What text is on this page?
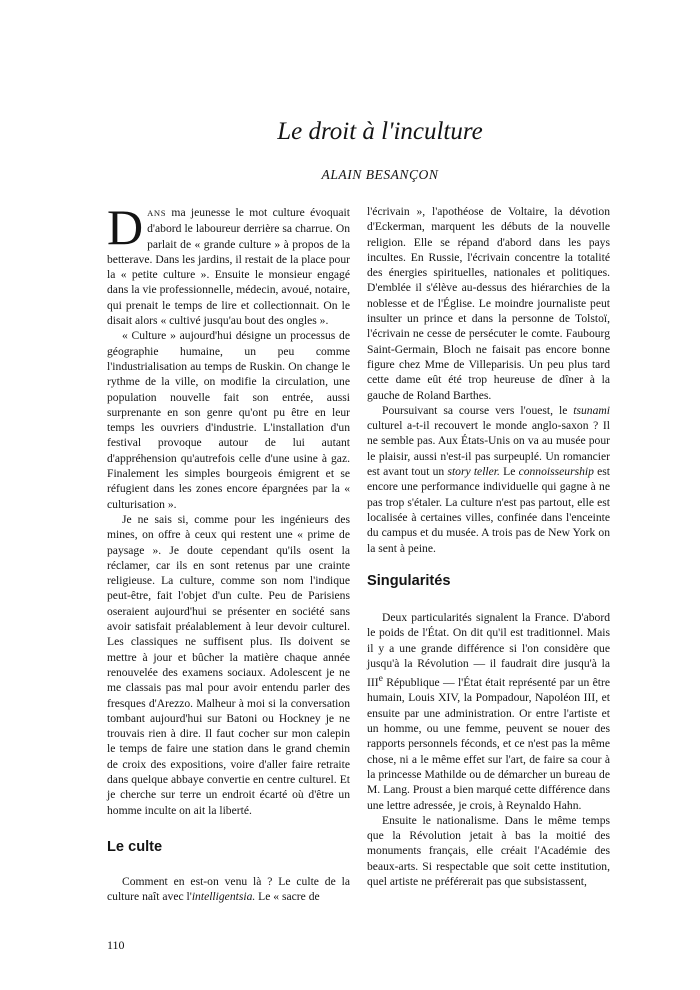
Le droit à l'inculture
ALAIN BESANÇON

DANS ma jeunesse le mot culture évoquait d'abord le laboureur derrière sa charrue. On parlait de « grande culture » à propos de la betterave. Dans les jardins, il restait de la place pour la « petite culture ». Ensuite le monsieur engagé dans la vie professionnelle, médecin, avoué, notaire, qui prenait le temps de lire et collectionnait. On le disait alors « cultivé jusqu'au bout des ongles ».

« Culture » aujourd'hui désigne un processus de géographie humaine, un peu comme l'industrialisation au temps de Ruskin. On change le rythme de la ville, on modifie la circulation, une population nouvelle fait son entrée, aussi surprenante en son genre qu'ont pu être en leur temps les ouvriers d'industrie. L'installation d'un festival provoque autour de lui autant d'appréhension qu'autrefois celle d'une usine à gaz. Finalement les simples bourgeois émigrent et se réfugient dans les zones encore épargnées par la « culturisation ».

Je ne sais si, comme pour les ingénieurs des mines, on offre à ceux qui restent une « prime de paysage ». Je doute cependant qu'ils osent la réclamer, car ils en sont retenus par une crainte religieuse. La culture, comme son nom l'indique peut-être, fait l'objet d'un culte. Peu de Parisiens oseraient aujourd'hui se présenter en société sans avoir satisfait préalablement à leur devoir culturel. Les classiques ne suffisent plus. Ils doivent se mettre à jour et bûcher la matière chaque année renouvelée des examens sociaux. Adolescent je ne me classais pas mal pour avoir entendu parler des fresques d'Arezzo. Malheur à moi si la conversation tombant aujourd'hui sur Batoni ou Hockney je ne trouvais rien à dire. Il faut cocher sur mon calepin le temps de faire une station dans le grand chemin de croix des expositions, voire d'aller faire retraite dans quelque abbaye convertie en centre culturel. Et je cherche sur terre un endroit écarté où d'être un homme inculte on ait la liberté.

Le culte

Comment en est-on venu là ? Le culte de la culture naît avec l'intelligentsia. Le « sacre de

l'écrivain », l'apothéose de Voltaire, la dévotion d'Eckerman, marquent les débuts de la nouvelle religion. Elle se répand d'abord dans les pays incultes. En Russie, l'écrivain concentre la totalité des énergies spirituelles, nationales et politiques. D'emblée il s'élève au-dessus des hiérarchies de la noblesse et de l'Église. Le moindre journaliste peut insulter un prince et dans la personne de Tolstoï, l'écrivain ne cesse de persécuter le comte. Faubourg Saint-Germain, Bloch ne faisait pas encore bonne figure chez Mme de Villeparisis. Un peu plus tard cette dame eût été trop heureuse de dîner à la gauche de Roland Barthes.

Poursuivant sa course vers l'ouest, le tsunami culturel a-t-il recouvert le monde anglo-saxon ? Il ne semble pas. Aux États-Unis on va au musée pour le plaisir, aussi n'est-il pas surpeuplé. Un romancier est avant tout un story teller. Le connoisseurship est encore une performance individuelle qui gagne à ne pas trop s'étaler. La culture n'est pas partout, elle est localisée à certaines villes, confinée dans l'enceinte du campus et du musée. A trois pas de New York on la sent à peine.

Singularités

Deux particularités signalent la France. D'abord le poids de l'État. On dit qu'il est traditionnel. Mais il y a une grande différence si l'on considère que jusqu'à la Révolution — il faudrait dire jusqu'à la IIIe République — l'État était représenté par un être humain, Louis XIV, la Pompadour, Napoléon III, et ensuite par une administration. Or entre l'artiste et un homme, ou une femme, peuvent se nouer des rapports personnels féconds, et ce n'est pas la même chose, ni a le même effet sur l'art, de faire sa cour à la princesse Mathilde ou de démarcher un bureau de M. Lang. Proust a bien marqué cette différence dans une lettre adressée, je crois, à Reynaldo Hahn.

Ensuite le nationalisme. Dans le même temps que la Révolution jetait à bas la moitié des monuments français, elle créait l'Académie des beaux-arts. Si respectable que soit cette institution, quel artiste ne préférerait pas que subsistassent,

110
